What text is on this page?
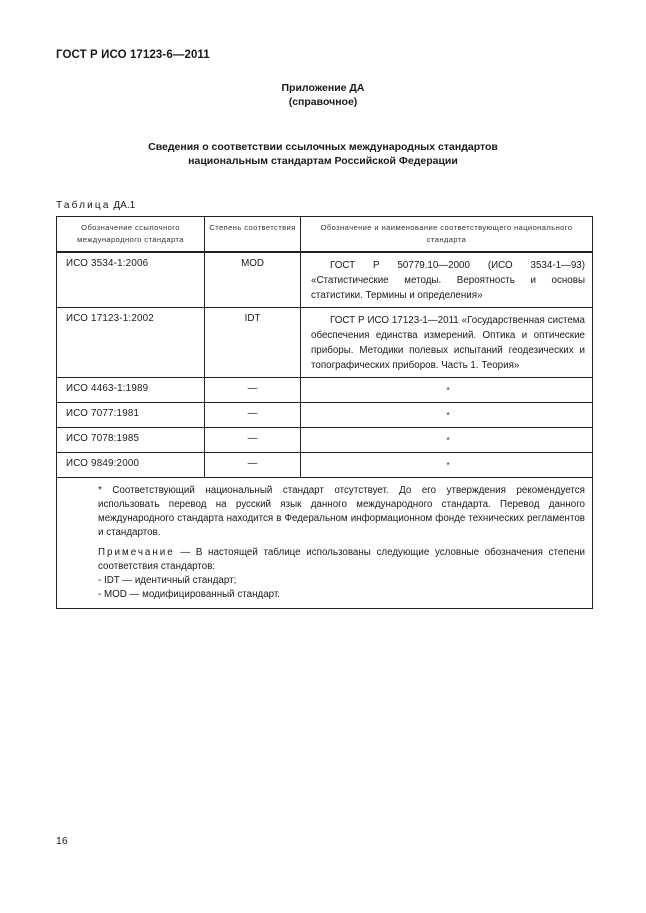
ГОСТ Р ИСО 17123-6—2011
Приложение ДА
(справочное)
Сведения о соответствии ссылочных международных стандартов
национальным стандартам Российской Федерации
Таблица ДА.1
Обозначение ссылочного международного стандарта	Степень соответствия	Обозначение и наименование соответствующего национального стандарта
ИСО 3534-1:2006	MOD	ГОСТ Р 50779.10—2000 (ИСО 3534-1—93) «Статистические методы. Вероятность и основы статистики. Термины и определения»
ИСО 17123-1:2002	IDT	ГОСТ Р ИСО 17123-1—2011 «Государственная система обеспечения единства измерений. Оптика и оптические приборы. Методики полевых испытаний геодезических и топографических приборов. Часть 1. Теория»
ИСО 4463-1:1989	—	*
ИСО 7077:1981	—	*
ИСО 7078:1985	—	*
ИСО 9849:2000	—	*

* Соответствующий национальный стандарт отсутствует. До его утверждения рекомендуется использовать перевод на русский язык данного международного стандарта. Перевод данного международного стандарта находится в Федеральном информационном фонде технических регламентов и стандартов.

Примечание — В настоящей таблице использованы следующие условные обозначения степени соответствия стандартов:

- IDT — идентичный стандарт;

- MOD — модифицированный стандарт.		

16
